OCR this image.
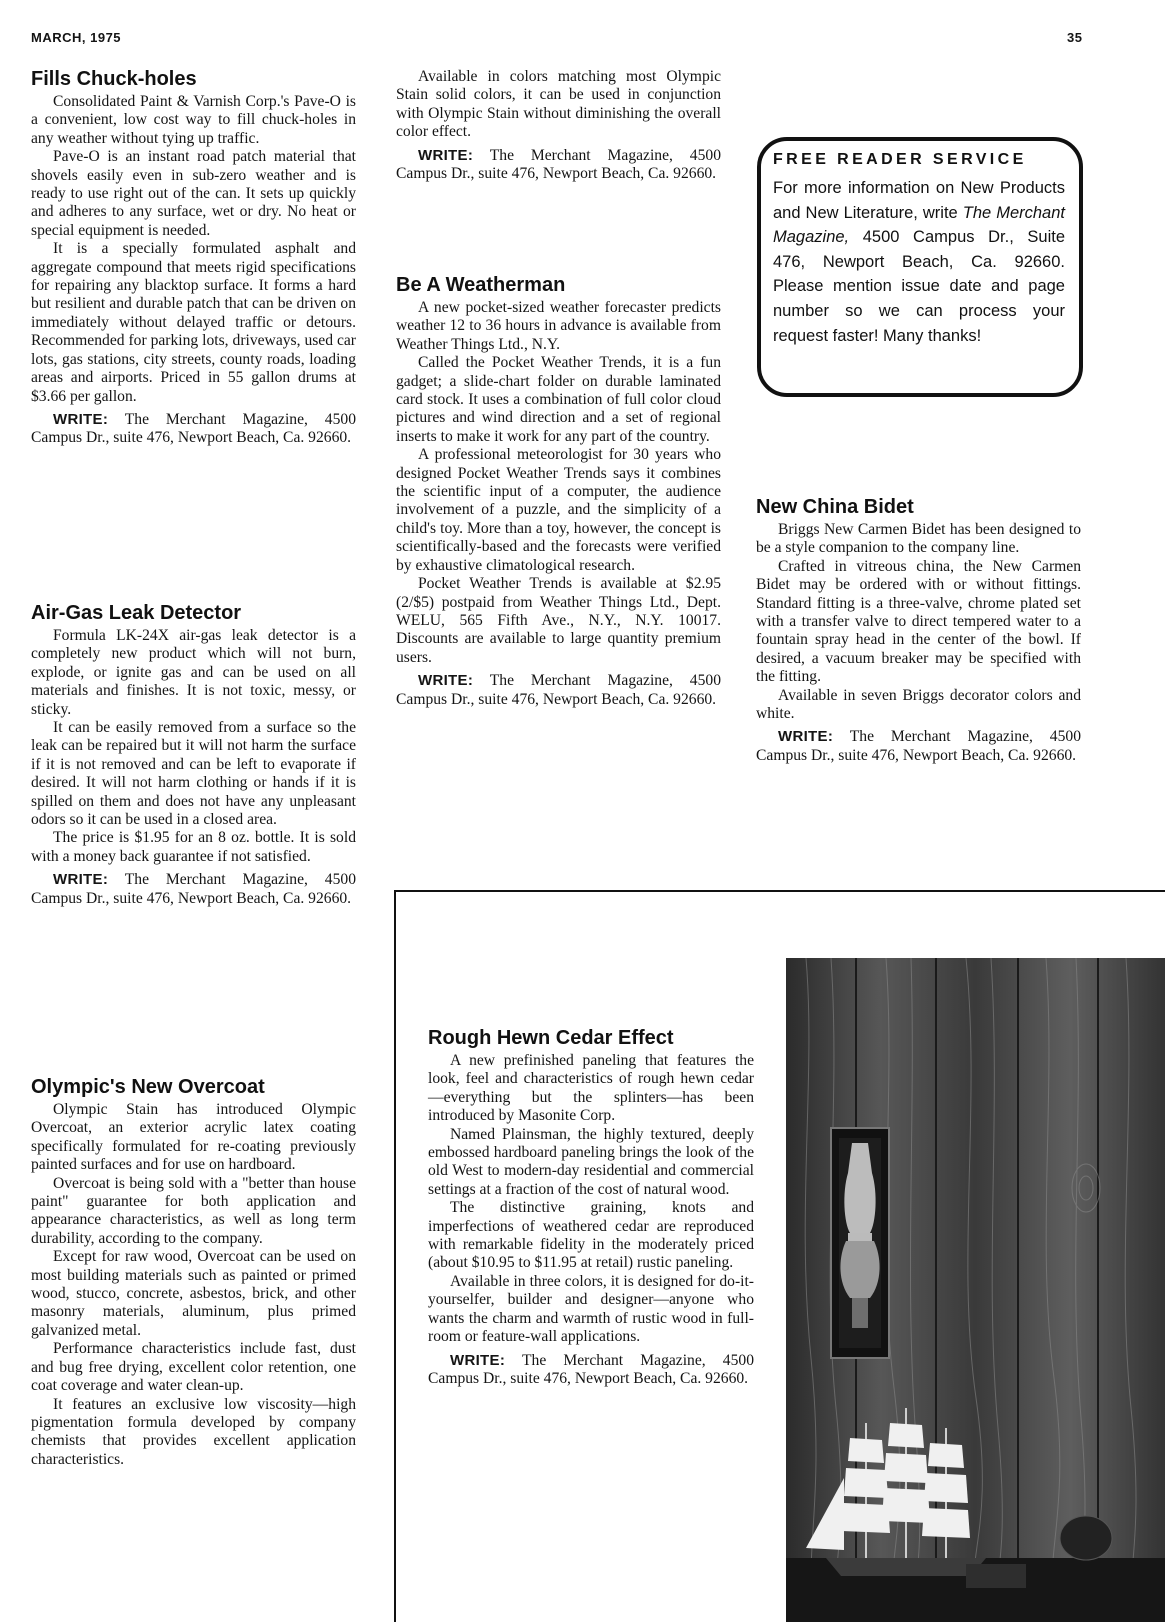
MARCH, 1975	35
Fills Chuck-holes

Consolidated Paint & Varnish Corp.'s Pave-O is a convenient, low cost way to fill chuck-holes in any weather without tying up traffic.

Pave-O is an instant road patch material that shovels easily even in sub-zero weather and is ready to use right out of the can. It sets up quickly and adheres to any surface, wet or dry. No heat or special equipment is needed.

It is a specially formulated asphalt and aggregate compound that meets rigid specifications for repairing any blacktop surface. It forms a hard but resilient and durable patch that can be driven on immediately without delayed traffic or detours. Recommended for parking lots, driveways, used car lots, gas stations, city streets, county roads, loading areas and airports. Priced in 55 gallon drums at $3.66 per gallon.

WRITE: The Merchant Magazine, 4500 Campus Dr., suite 476, Newport Beach, Ca. 92660.

Air-Gas Leak Detector

Formula LK-24X air-gas leak detector is a completely new product which will not burn, explode, or ignite gas and can be used on all materials and finishes. It is not toxic, messy, or sticky.

It can be easily removed from a surface so the leak can be repaired but it will not harm the surface if it is not removed and can be left to evaporate if desired. It will not harm clothing or hands if it is spilled on them and does not have any unpleasant odors so it can be used in a closed area.

The price is $1.95 for an 8 oz. bottle. It is sold with a money back guarantee if not satisfied.

WRITE: The Merchant Magazine, 4500 Campus Dr., suite 476, Newport Beach, Ca. 92660.

Olympic's New Overcoat

Olympic Stain has introduced Olympic Overcoat, an exterior acrylic latex coating specifically formulated for re-coating previously painted surfaces and for use on hardboard.

Overcoat is being sold with a "better than house paint" guarantee for both application and appearance characteristics, as well as long term durability, according to the company.

Except for raw wood, Overcoat can be used on most building materials such as painted or primed wood, stucco, concrete, asbestos, brick, and other masonry materials, aluminum, plus primed galvanized metal.

Performance characteristics include fast, dust and bug free drying, excellent color retention, one coat coverage and water clean-up.

It features an exclusive low viscosity—high pigmentation formula developed by company chemists that provides excellent application characteristics.

Available in colors matching most Olympic Stain solid colors, it can be used in conjunction with Olympic Stain without diminishing the overall color effect.

WRITE: The Merchant Magazine, 4500 Campus Dr., suite 476, Newport Beach, Ca. 92660.

Be A Weatherman

A new pocket-sized weather forecaster predicts weather 12 to 36 hours in advance is available from Weather Things Ltd., N.Y.

Called the Pocket Weather Trends, it is a fun gadget; a slide-chart folder on durable laminated card stock. It uses a combination of full color cloud pictures and wind direction and a set of regional inserts to make it work for any part of the country.

A professional meteorologist for 30 years who designed Pocket Weather Trends says it combines the scientific input of a computer, the audience involvement of a puzzle, and the simplicity of a child's toy. More than a toy, however, the concept is scientifically-based and the forecasts were verified by exhaustive climatological research.

Pocket Weather Trends is available at $2.95 (2/$5) postpaid from Weather Things Ltd., Dept. WELU, 565 Fifth Ave., N.Y., N.Y. 10017. Discounts are available to large quantity premium users.

WRITE: The Merchant Magazine, 4500 Campus Dr., suite 476, Newport Beach, Ca. 92660.

FREE READER SERVICE
For more information on New Products and New Literature, write The Merchant Magazine, 4500 Campus Dr., Suite 476, Newport Beach, Ca. 92660. Please mention issue date and page number so we can process your request faster! Many thanks!
New China Bidet

Briggs New Carmen Bidet has been designed to be a style companion to the company line.

Crafted in vitreous china, the New Carmen Bidet may be ordered with or without fittings. Standard fitting is a three-valve, chrome plated set with a transfer valve to direct tempered water to a fountain spray head in the center of the bowl. If desired, a vacuum breaker may be specified with the fitting.

Available in seven Briggs decorator colors and white.

WRITE: The Merchant Magazine, 4500 Campus Dr., suite 476, Newport Beach, Ca. 92660.

Rough Hewn Cedar Effect

A new prefinished paneling that features the look, feel and characteristics of rough hewn cedar—everything but the splinters—has been introduced by Masonite Corp.

Named Plainsman, the highly textured, deeply embossed hardboard paneling brings the look of the old West to modern-day residential and commercial settings at a fraction of the cost of natural wood.

The distinctive graining, knots and imperfections of weathered cedar are reproduced with remarkable fidelity in the moderately priced (about $10.95 to $11.95 at retail) rustic paneling.

Available in three colors, it is designed for do-it-yourselfer, builder and designer—anyone who wants the charm and warmth of rustic wood in full-room or feature-wall applications.

WRITE: The Merchant Magazine, 4500 Campus Dr., suite 476, Newport Beach, Ca. 92660.
